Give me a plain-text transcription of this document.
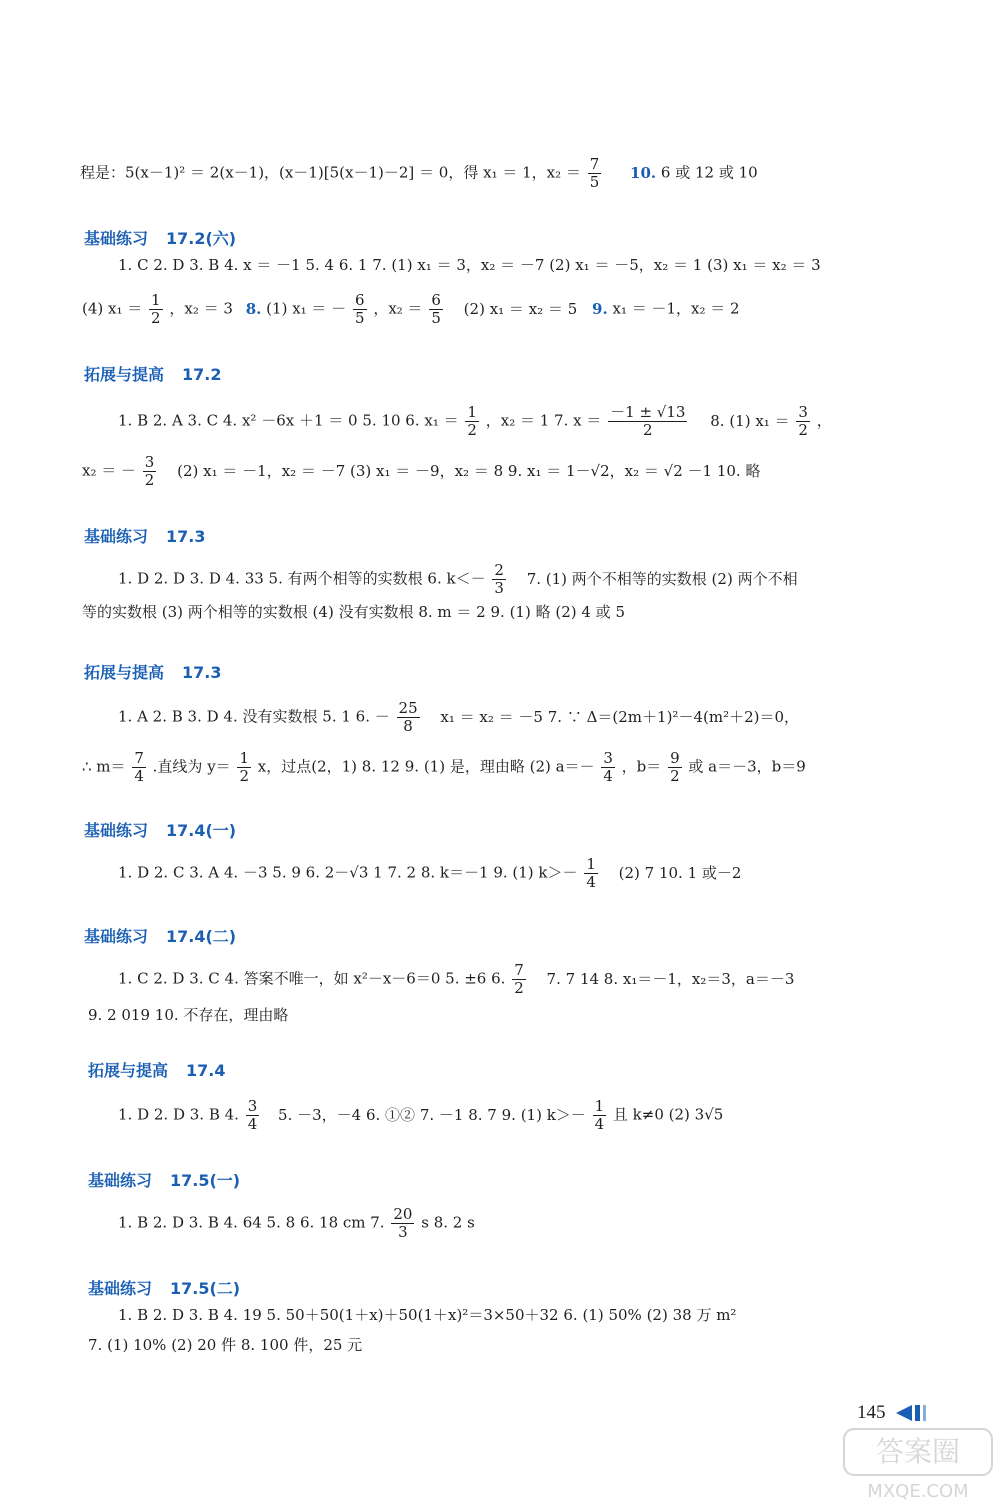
程是：5(x－1)² ＝ 2(x－1)，(x－1)[5(x－1)－2] ＝ 0，得 x₁ ＝ 1，$x_2 = \frac{7}{5} 10$. 6 或 12 或 10
基础练习 17.2(六)
1. C 2. D 3. B 4. x ＝ －1 5. 4 6. 1 7. (1) x₁ ＝ 3，x₂ ＝ －7 (2) x₁ ＝ －5，x₂ ＝ 1 (3) x₁ ＝ x₂ ＝ 3
(4) $x_1 = \frac{1}{2}$ ，x₂ ＝ 3 8. (1) x₁ ＝ － $\frac{6}{5}$ ，$x_2 = \frac{6}{5} (2) x_1 = x_2 = 5$ 9. x₁ ＝ －1，x₂ ＝ 2
拓展与提高 17.2
1. B 2. A 3. C 4. x² －6x ＋1 ＝ 0 5. 10 6. $x_1 = \frac{1}{2}$ ，x₂ ＝ 1 7. $x = \frac{-1 \pm √13}{2} 8$. (1) $x_1 = \frac{3}{2}$ ，
x₂ ＝ － $\frac{3}{2} (2) x_1 = -1$，x₂ ＝ －7 (3) x₁ ＝ －9，x₂ ＝ 8 9. x₁ ＝ 1－√2，x₂ ＝ √2 －1 10. 略
基础练习 17.3
1. D 2. D 3. D 4. 33 5. 有两个相等的实数根 6. $k<- \frac{2}{3} 7$. (1) 两个不相等的实数根 (2) 两个不相
等的实数根 (3) 两个相等的实数根 (4) 没有实数根 8. m ＝ 2 9. (1) 略 (2) 4 或 5
拓展与提高 17.3
1. A 2. B 3. D 4. 没有实数根 5. 1 6. － $\frac{25}{8} x_1 = x_2 = -5$ 7. ∵ Δ＝(2m＋1)²－4(m²＋2)＝0，
∴ $m= \frac{7}{4}$ .直线为 $y= \frac{1}{2}$ x，过点(2，1) 8. 12 9. (1) 是，理由略 (2) $a=- \frac{3}{4}$ ，$b= \frac{9}{2}$ 或 a＝－3，b＝9
基础练习 17.4(一)
1. D 2. C 3. A 4. －3 5. 9 6. 2－√3 1 7. 2 8. k＝－1 9. (1) $k>- \frac{1}{4} (2)$ 7 10. 1 或－2
基础练习 17.4(二)
1. C 2. D 3. C 4. 答案不唯一，如 x²－x－6＝0 5. ±6 6. $\frac{7}{2} 7$. 7 14 8. x₁＝－1，x₂＝3，a＝－3
9. 2 019 10. 不存在，理由略
拓展与提高 17.4
1. D 2. D 3. B 4. $\frac{3}{4} 5$. －3，－4 6. ①② 7. －1 8. 7 9. (1) $k>- \frac{1}{4}$ 且 k≠0 (2) 3√5
基础练习 17.5(一)
1. B 2. D 3. B 4. 64 5. 8 6. 18 cm 7. $\frac{20}{3}$ s 8. 2 s
基础练习 17.5(二)
1. B 2. D 3. B 4. 19 5. 50＋50(1＋x)＋50(1＋x)²＝3×50＋32 6. (1) 50% (2) 38 万 m²
7. (1) 10% (2) 20 件 8. 100 件，25 元
145
答案圈
MXQE.COM
